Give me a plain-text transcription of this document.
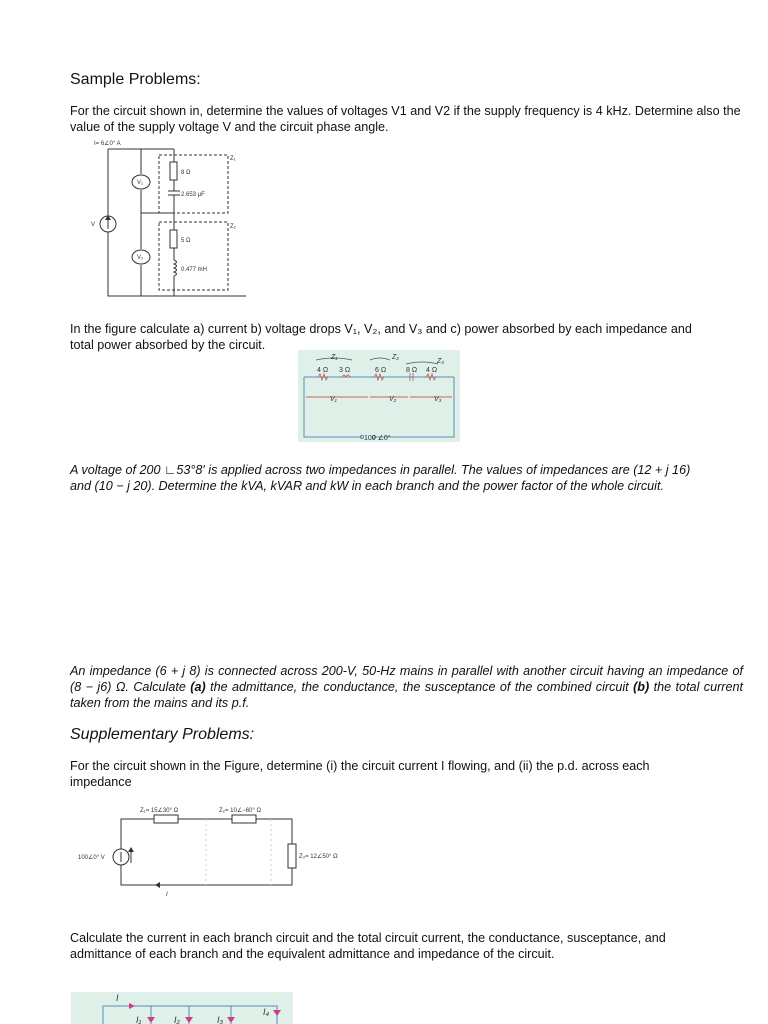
Sample Problems:
For the circuit shown in, determine the values of voltages V1 and V2 if the supply frequency is 4 kHz. Determine also the value of the supply voltage V and the circuit phase angle.
I= 6∠0° A
Z₁
Z₂
V₁
V₂
V
8 Ω
2.653 μF
5 Ω
0.477 mH
In the figure calculate a) current b) voltage drops V₁, V₂, and V₃ and c) power absorbed by each impedance and
total power absorbed by the circuit.
Z₁	Z₂
Z₃
V₁	V₂	V₃
4 Ω 3 Ω	6 Ω	8 Ω 4 Ω
100 ∠0°
A voltage of 200 ∟53°8′ is applied across two impedances in parallel. The values of impedances are (12 + j 16)
and (10 − j 20). Determine the kVA, kVAR and kW in each branch and the power factor of the whole circuit.
An impedance (6 + j 8) is connected across 200-V, 50-Hz mains in parallel with another circuit having an impedance of (8 − j6) Ω. Calculate (a) the admittance, the conductance, the susceptance of the combined circuit (b) the total current taken from the mains and its p.f.
Supplementary Problems:
For the circuit shown in the Figure, determine (i) the circuit current I flowing, and (ii) the p.d. across each impedance
Z₁= 15∠30° Ω	Z₂= 10∠−60° Ω
Z₃= 12∠50° Ω
100∠0° V
I
Calculate the current in each branch circuit and the total circuit current, the conductance, susceptance, and admittance of each branch and the equivalent admittance and impedance of the circuit.
I
I₁	I₂	I₃
I₄
